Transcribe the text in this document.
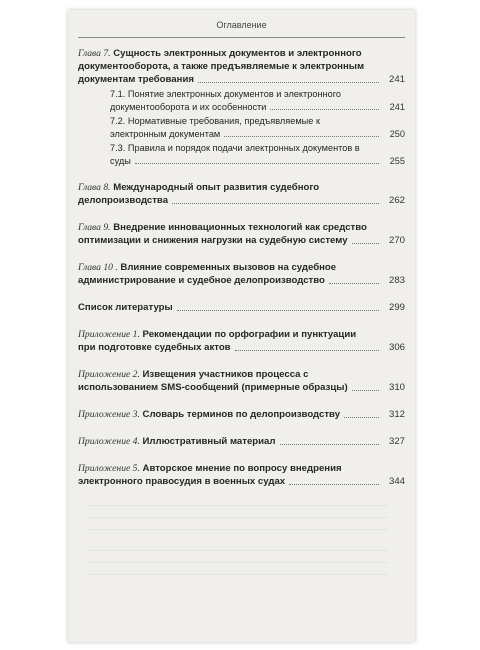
Оглавление
Глава 7. Сущность электронных документов и электронного документооборота, а также предъявляемые к электронным документам требования	241
7.1. Понятие электронных документов и электронного документооборота и их особенности	241
7.2. Нормативные требования, предъявляемые к электронным документам	250
7.3. Правила и порядок подачи электронных документов в суды	255
Глава 8. Международный опыт развития судебного делопроизводства	262
Глава 9. Внедрение инновационных технологий как средство оптимизации и снижения нагрузки на судебную систему	270
Глава 10 . Влияние современных вызовов на судебное администрирование и судебное делопроизводство	283
Список литературы	299
Приложение 1. Рекомендации по орфографии и пунктуации при подготовке судебных актов	306
Приложение 2. Извещения участников процесса с использованием SMS-сообщений (примерные образцы)	310
Приложение 3. Словарь терминов по делопроизводству	312
Приложение 4. Иллюстративный материал	327
Приложение 5. Авторское мнение по вопросу внедрения электронного правосудия в военных судах	344
